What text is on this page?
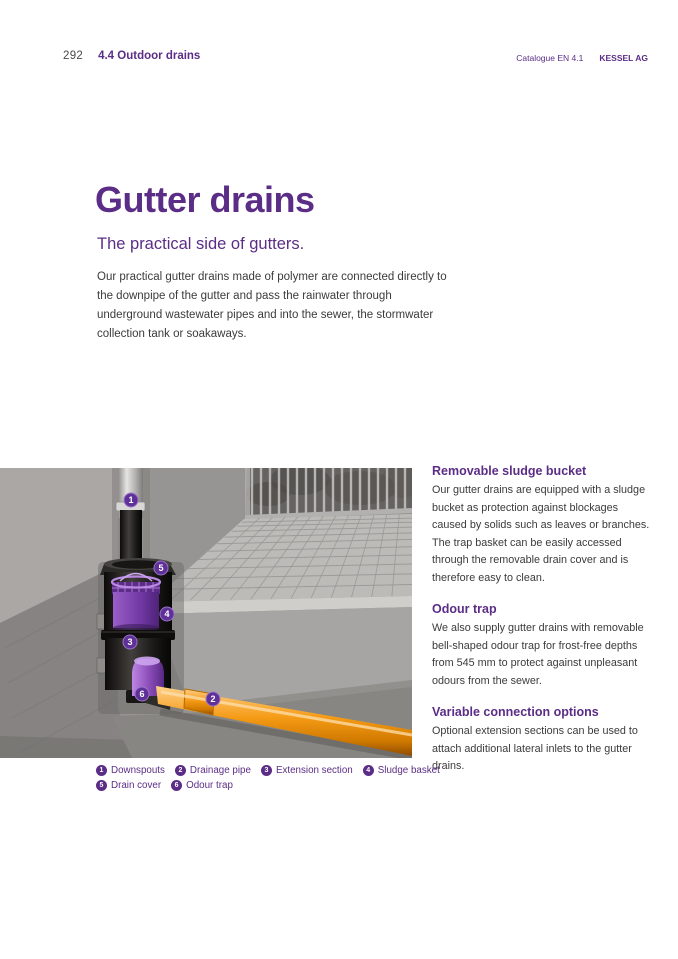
292 4.4 Outdoor drains	Catalogue EN 4.1 KESSEL AG
Gutter drains
The practical side of gutters.
Our practical gutter drains made of polymer are connected directly to the downpipe of the gutter and pass the rainwater through underground wastewater pipes and into the sewer, the stormwater collection tank or soakaways.
1
5
4
3
6	2
Removable sludge bucket

Our gutter drains are equipped with a sludge bucket as protection against blockages caused by solids such as leaves or branches. The trap basket can be easily accessed through the removable drain cover and is therefore easy to clean.

Odour trap

We also supply gutter drains with removable bell-shaped odour trap for frost-free depths from 545 mm to protect against unpleasant odours from the sewer.

Variable connection options

Optional extension sections can be used to attach additional lateral inlets to the gutter drains.

1 Downspouts	2 Drainage pipe	3 Extension section	4 Sludge basket
5 Drain cover	6 Odour trap
